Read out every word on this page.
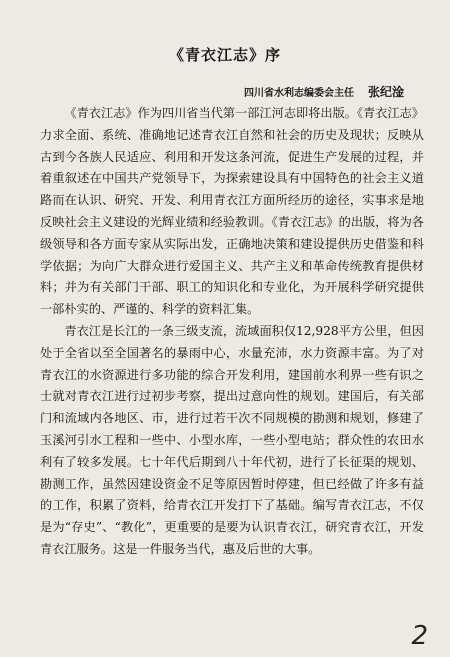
《青衣江志》序
四川省水利志编委会主任 张纪淦

《青衣江志》作为四川省当代第一部江河志即将出版。《青衣江志》力求全面、系统、准确地记述青衣江自然和社会的历史及现状；反映从古到今各族人民适应、利用和开发这条河流，促进生产发展的过程，并着重叙述在中国共产党领导下，为探索建设具有中国特色的社会主义道路而在认识、研究、开发、利用青衣江方面所经历的途径，实事求是地反映社会主义建设的光辉业绩和经验教训。《青衣江志》的出版，将为各级领导和各方面专家从实际出发，正确地决策和建设提供历史借鉴和科学依据；为向广大群众进行爱国主义、共产主义和革命传统教育提供材料；并为有关部门干部、职工的知识化和专业化，为开展科学研究提供一部朴实的、严谨的、科学的资料汇集。

青衣江是长江的一条三级支流，流域面积仅12,928平方公里，但因处于全省以至全国著名的暴雨中心，水量充沛，水力资源丰富。为了对青衣江的水资源进行多功能的综合开发利用，建国前水利界一些有识之士就对青衣江进行过初步考察，提出过意向性的规划。建国后，有关部门和流域内各地区、市，进行过若干次不同规模的勘测和规划，修建了玉溪河引水工程和一些中、小型水库，一些小型电站；群众性的农田水利有了较多发展。七十年代后期到八十年代初，进行了长征渠的规划、勘测工作，虽然因建设资金不足等原因暂时停建，但已经做了许多有益的工作，积累了资料，给青衣江开发打下了基础。编写青衣江志，不仅是为“存史”、“教化”，更重要的是要为认识青衣江，研究青衣江，开发青衣江服务。这是一件服务当代，惠及后世的大事。

2
